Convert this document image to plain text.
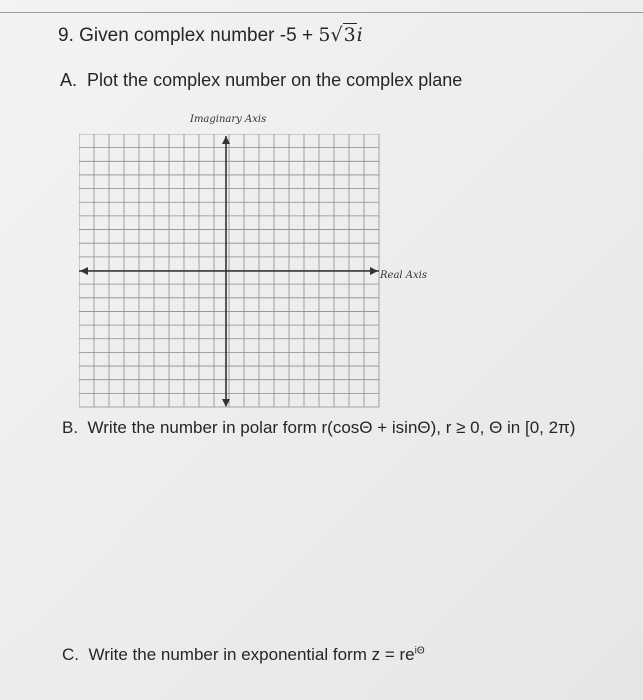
9. Given complex number -5 + 5√3i
A. Plot the complex number on the complex plane
Imaginary Axis
Real Axis
B. Write the number in polar form r(cosΘ + isinΘ), r ≥ 0, Θ in [0, 2π)
C. Write the number in exponential form $z = re^{i\Theta}$
